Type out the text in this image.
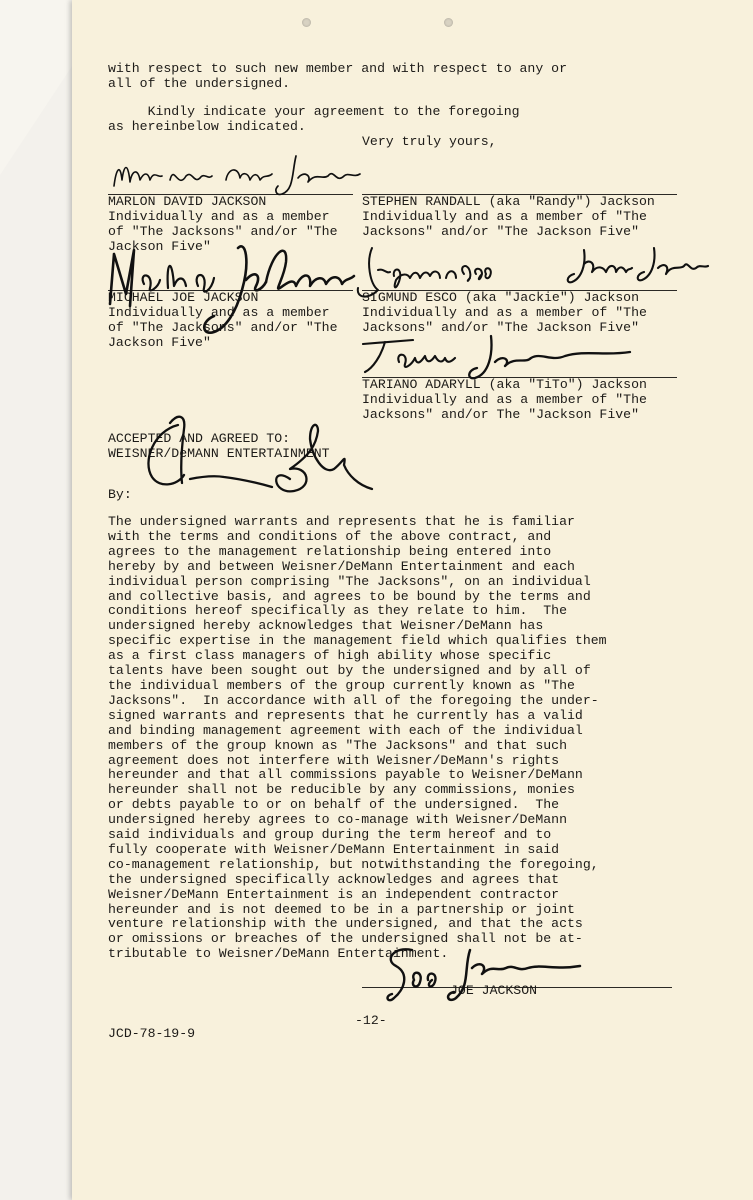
with respect to such new member and with respect to any or
all of the undersigned.

Kindly indicate your agreement to the foregoing
as hereinbelow indicated.

Very truly yours,

MARLON DAVID JACKSON

Individually and as a member
of "The Jacksons" and/or "The
Jackson Five"

STEPHEN RANDALL (aka "Randy") Jackson

Individually and as a member of "The
Jacksons" and/or "The Jackson Five"

MICHAEL JOE JACKSON

Individually and as a member
of "The Jacksons" and/or "The
Jackson Five"

SIGMUND ESCO (aka "Jackie") Jackson

Individually and as a member of "The
Jacksons" and/or "The Jackson Five"

TARIANO ADARYLL (aka "TiTo") Jackson

Individually and as a member of "The
Jacksons" and/or The "Jackson Five"

ACCEPTED AND AGREED TO:
WEISNER/DeMANN ENTERTAINMENT

By:

The undersigned warrants and represents that he is familiar
with the terms and conditions of the above contract, and
agrees to the management relationship being entered into
hereby by and between Weisner/DeMann Entertainment and each
individual person comprising "The Jacksons", on an individual
and collective basis, and agrees to be bound by the terms and
conditions hereof specifically as they relate to him.  The
undersigned hereby acknowledges that Weisner/DeMann has
specific expertise in the management field which qualifies them
as a first class managers of high ability whose specific
talents have been sought out by the undersigned and by all of
the individual members of the group currently known as "The
Jacksons".  In accordance with all of the foregoing the under-
signed warrants and represents that he currently has a valid
and binding management agreement with each of the individual
members of the group known as "The Jacksons" and that such
agreement does not interfere with Weisner/DeMann's rights
hereunder and that all commissions payable to Weisner/DeMann
hereunder shall not be reducible by any commissions, monies
or debts payable to or on behalf of the undersigned.  The
undersigned hereby agrees to co-manage with Weisner/DeMann
said individuals and group during the term hereof and to
fully cooperate with Weisner/DeMann Entertainment in said
co-management relationship, but notwithstanding the foregoing,
the undersigned specifically acknowledges and agrees that
Weisner/DeMann Entertainment is an independent contractor
hereunder and is not deemed to be in a partnership or joint
venture relationship with the undersigned, and that the acts
or omissions or breaches of the undersigned shall not be at-
tributable to Weisner/DeMann Entertainment.

JOE JACKSON

-12-

JCD-78-19-9
